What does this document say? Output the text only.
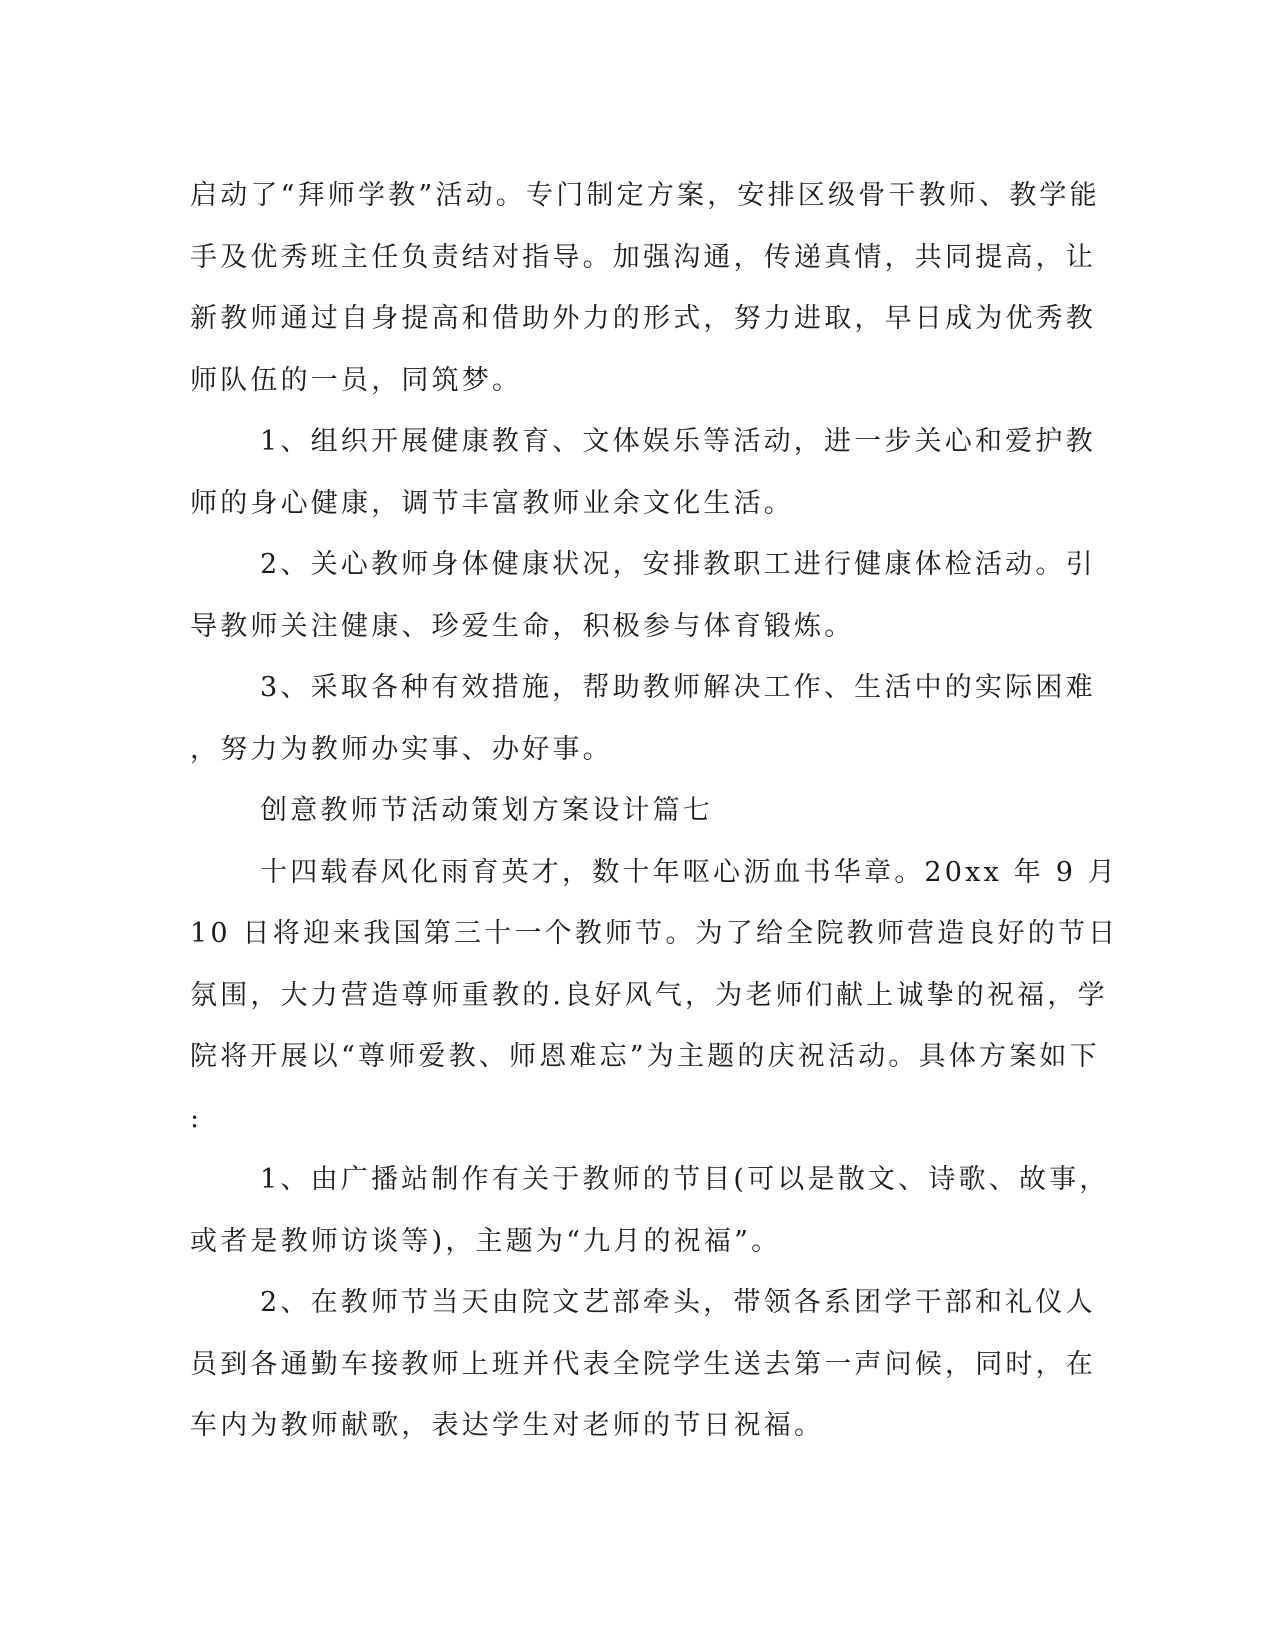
启动了“拜师学教”活动。专门制定方案，安排区级骨干教师、教学能
手及优秀班主任负责结对指导。加强沟通，传递真情，共同提高，让
新教师通过自身提高和借助外力的形式，努力进取，早日成为优秀教
师队伍的一员，同筑梦。
1、组织开展健康教育、文体娱乐等活动，进一步关心和爱护教
师的身心健康，调节丰富教师业余文化生活。
2、关心教师身体健康状况，安排教职工进行健康体检活动。引
导教师关注健康、珍爱生命，积极参与体育锻炼。
3、采取各种有效措施，帮助教师解决工作、生活中的实际困难
，努力为教师办实事、办好事。
创意教师节活动策划方案设计篇七
十四载春风化雨育英才，数十年呕心沥血书华章。20xx 年 9 月
10 日将迎来我国第三十一个教师节。为了给全院教师营造良好的节日
氛围，大力营造尊师重教的.良好风气，为老师们献上诚挚的祝福，学
院将开展以“尊师爱教、师恩难忘”为主题的庆祝活动。具体方案如下
:
1、由广播站制作有关于教师的节目(可以是散文、诗歌、故事，
或者是教师访谈等)，主题为“九月的祝福”。
2、在教师节当天由院文艺部牵头，带领各系团学干部和礼仪人
员到各通勤车接教师上班并代表全院学生送去第一声问候，同时，在
车内为教师献歌，表达学生对老师的节日祝福。
